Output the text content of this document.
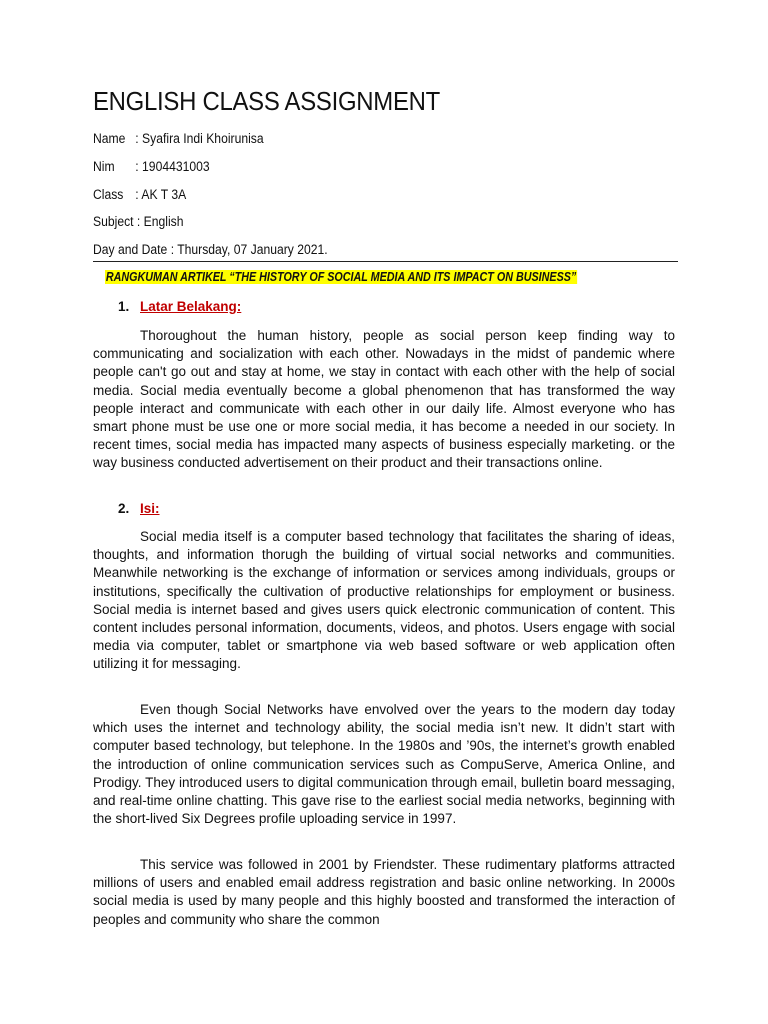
ENGLISH CLASS ASSIGNMENT
Name : Syafira Indi Khoirunisa
Nim : 1904431003
Class : AK T 3A
Subject : English
Day and Date : Thursday, 07 January 2021.
RANGKUMAN ARTIKEL “THE HISTORY OF SOCIAL MEDIA AND ITS IMPACT ON BUSINESS”
1. Latar Belakang:

Thoroughout the human history, people as social person keep finding way to communicating and socialization with each other. Nowadays in the midst of pandemic where people can't go out and stay at home, we stay in contact with each other with the help of social media. Social media eventually become a global phenomenon that has transformed the way people interact and communicate with each other in our daily life. Almost everyone who has smart phone must be use one or more social media, it has become a needed in our society. In recent times, social media has impacted many aspects of business especially marketing. or the way business conducted advertisement on their product and their transactions online.

2. Isi:

Social media itself is a computer based technology that facilitates the sharing of ideas, thoughts, and information thorugh the building of virtual social networks and communities. Meanwhile networking is the exchange of information or services among individuals, groups or institutions, specifically the cultivation of productive relationships for employment or business. Social media is internet based and gives users quick electronic communication of content. This content includes personal information, documents, videos, and photos. Users engage with social media via computer, tablet or smartphone via web based software or web application often utilizing it for messaging.

Even though Social Networks have envolved over the years to the modern day today which uses the internet and technology ability, the social media isn’t new. It didn’t start with computer based technology, but telephone. In the 1980s and ’90s, the internet’s growth enabled the introduction of online communication services such as CompuServe, America Online, and Prodigy. They introduced users to digital communication through email, bulletin board messaging, and real-time online chatting. This gave rise to the earliest social media networks, beginning with the short-lived Six Degrees profile uploading service in 1997.

This service was followed in 2001 by Friendster. These rudimentary platforms attracted millions of users and enabled email address registration and basic online networking. In 2000s social media is used by many people and this highly boosted and transformed the interaction of peoples and community who share the common
